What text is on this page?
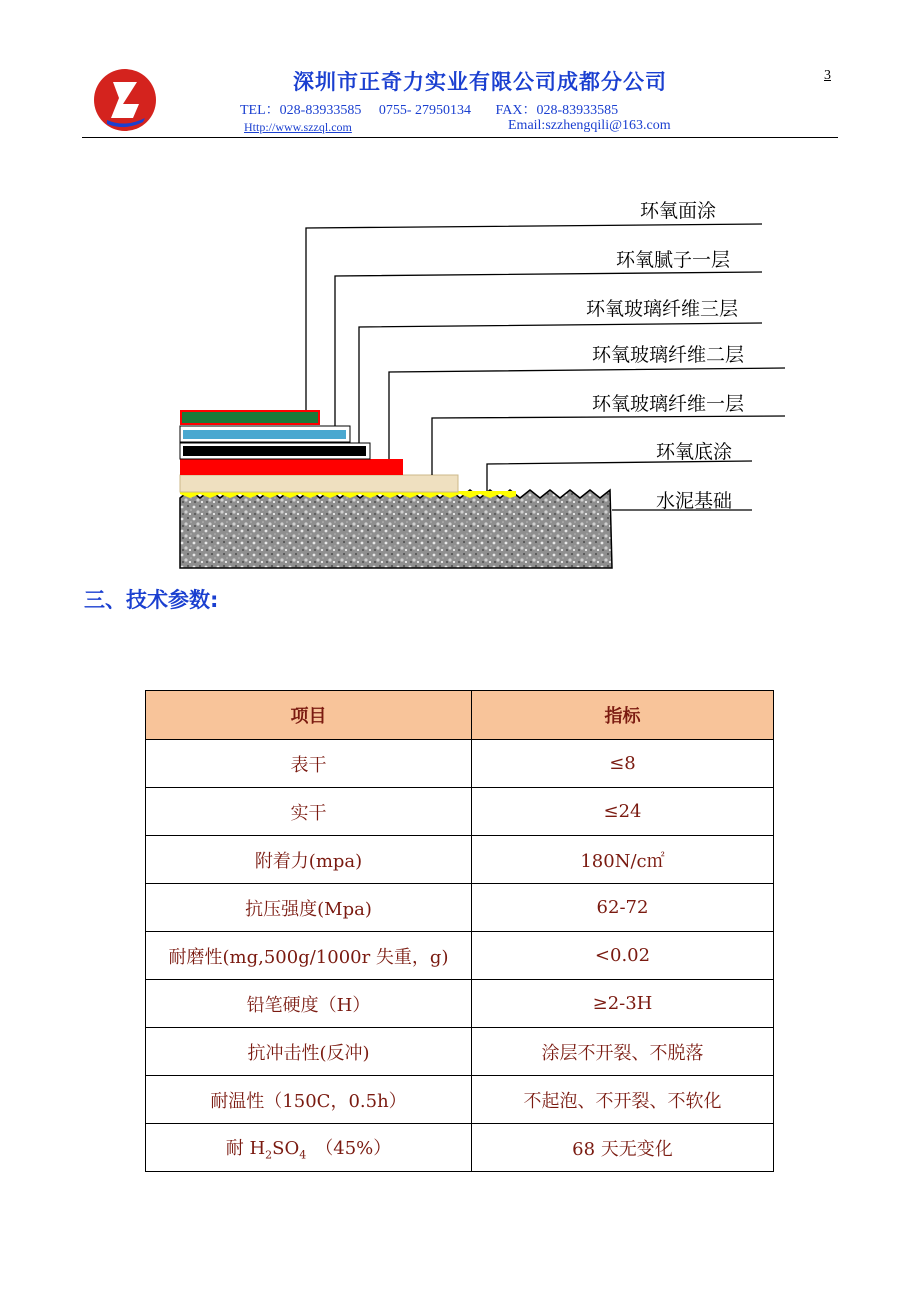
深圳市正奇力实业有限公司成都分公司
TEL：028-83933585 0755- 27950134 FAX：028-83933585
Http://www.szzql.com	Email:szzhengqili@163.com
3
环氧面涂
环氧腻子一层
环氧玻璃纤维三层
环氧玻璃纤维二层
环氧玻璃纤维一层
环氧底涂
水泥基础
三、技术参数:
项目	指标
表干	≤8
实干	≤24
附着力(mpa)	180N/c㎡
抗压强度(Mpa)	62-72
耐磨性(mg,500g/1000r 失重，g)	<0.02
铅笔硬度（H）	≥2-3H
抗冲击性(反冲)	涂层不开裂、不脱落
耐温性（150C，0.5h）	不起泡、不开裂、不软化
耐 $H_2SO_4$　（45%）	68 天无变化
